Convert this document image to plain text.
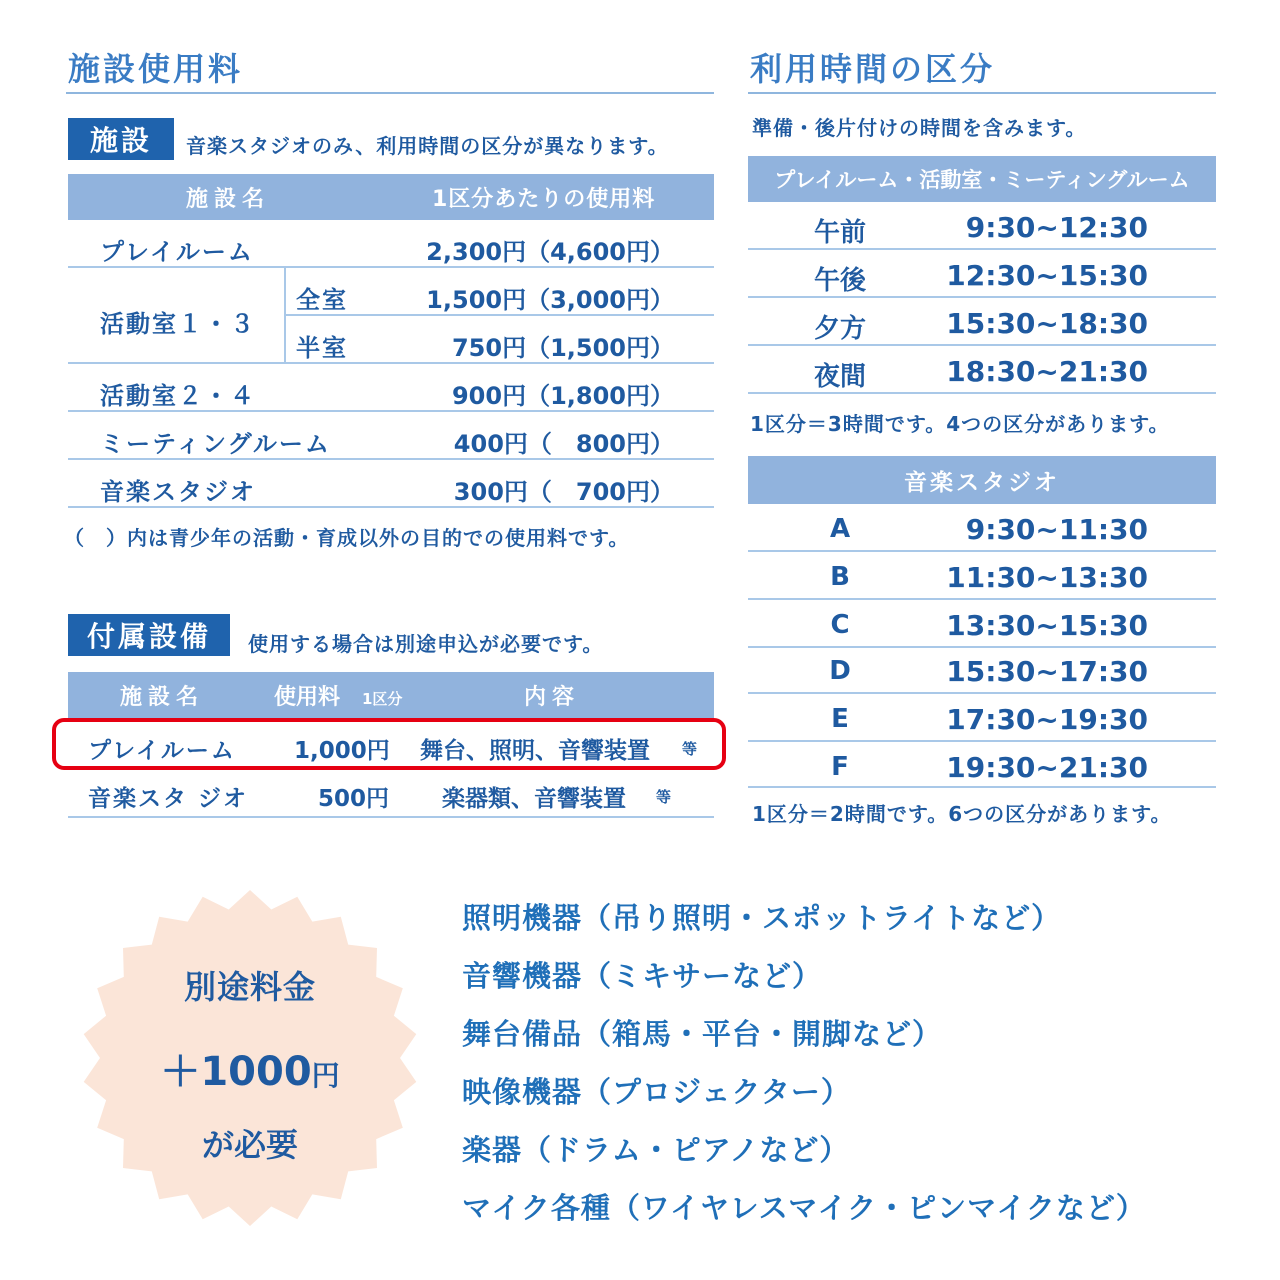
施設使用料
施設	音楽スタジオのみ、利用時間の区分が異なります。
施設名	1区分あたりの使用料
プレイルーム	2,300円（4,600円）
活動室１・３
全室	1,500円（3,000円）
半室	750円（1,500円）
活動室２・４	900円（1,800円）
ミーティングルーム	400円（　800円）
音楽スタジオ	300円（　700円）
（　）内は青少年の活動・育成以外の目的での使用料です。
付属設備	使用する場合は別途申込が必要です。
施設名	使用料 1区分	内容
プレイルーム	1,000円 舞台、照明、音響装置 等
音楽スタ ジオ	500円 楽器類、音響装置 等
利用時間の区分
準備・後片付けの時間を含みます。
プレイルーム・活動室・ミーティングルーム
午前	9:30~12:30
午後	12:30~15:30
夕方	15:30~18:30
夜間	18:30~21:30
1区分＝3時間です。4つの区分があります。
音楽スタジオ
A	9:30~11:30
B	11:30~13:30
C	13:30~15:30
D	15:30~17:30
E	17:30~19:30
F	19:30~21:30
1区分＝2時間です。6つの区分があります。
別途料金
＋1000円
が必要
照明機器（吊り照明・スポットライトなど）
音響機器（ミキサーなど）
舞台備品（箱馬・平台・開脚など）
映像機器（プロジェクター）
楽器（ドラム・ピアノなど）
マイク各種（ワイヤレスマイク・ピンマイクなど）
